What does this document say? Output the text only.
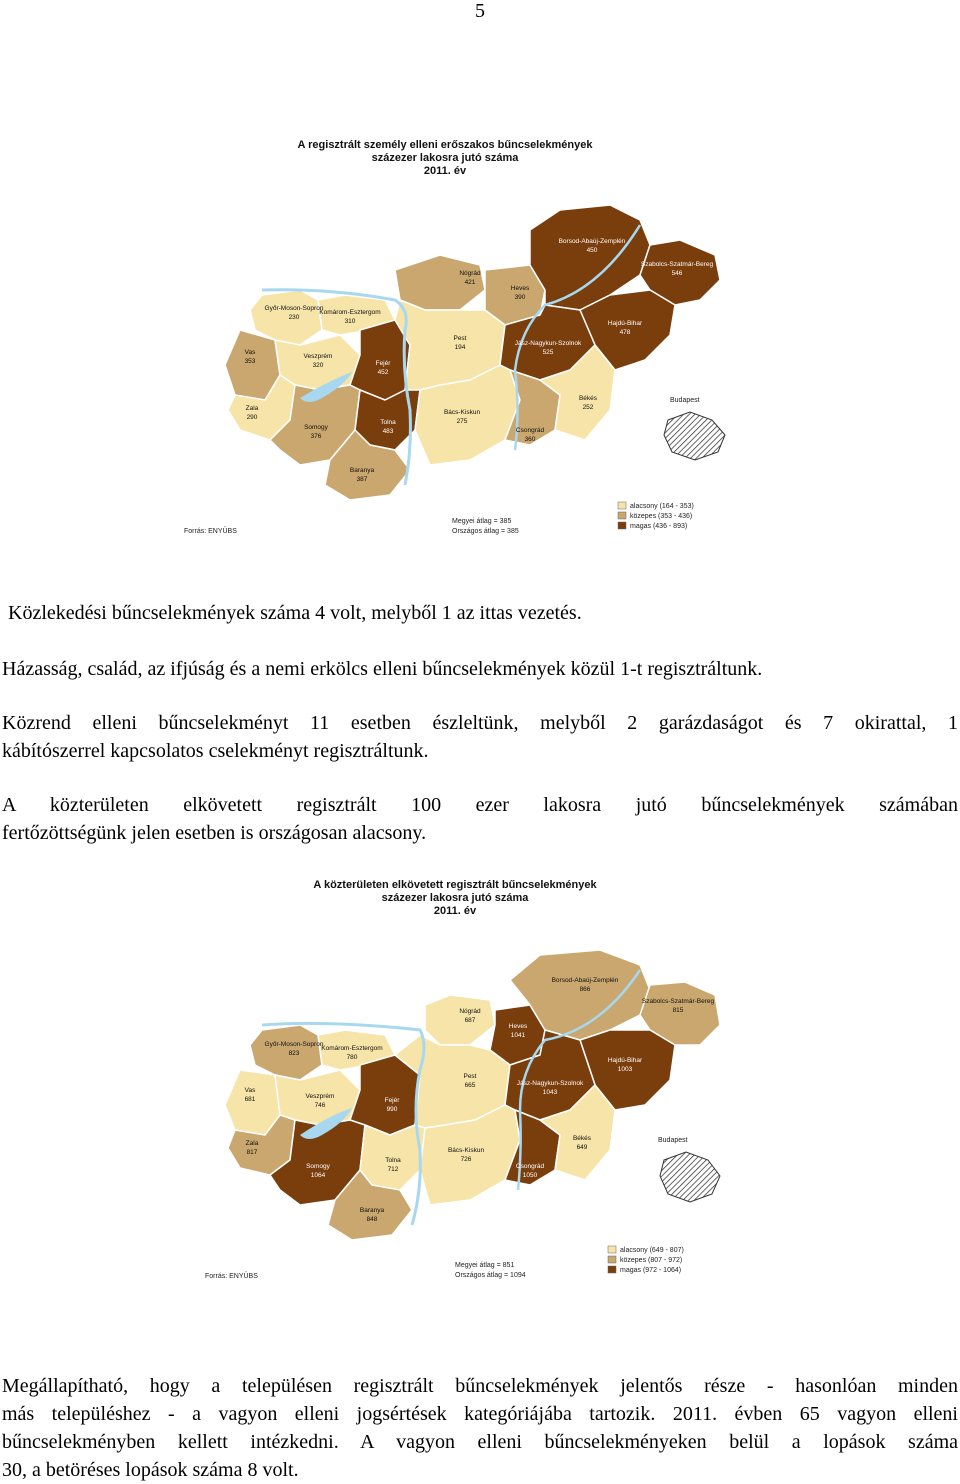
5
A regisztrált személy elleni erőszakos bűncselekmények
százezer lakosra jutó száma
2011. év
Győr-Moson-Sopron 230
Komárom-Esztergom 310
Nógrád 421
Heves 390
Borsod-Abaúj-Zemplén 450
Szabolcs-Szatmár-Bereg 546
Hajdú-Bihar 478
Vas 353
Veszprém 320	Fejér 452
Pest 194
Jász-Nagykun-Szolnok 525
Zala 290
Somogy 376
Tolna 483
Bács-Kiskun 275
Csongrád 360
Békés 252
Baranya 387
Budapest
alacsony (164 - 353)
közepes (353 - 436)
magas (436 - 893)
Megyei átlag = 385
Országos átlag = 385
Forrás: ENYÜBS

Közlekedési bűncselekmények száma 4 volt, melyből 1 az ittas vezetés.

Házasság, család, az ifjúság és a nemi erkölcs elleni bűncselekmények közül 1-t regisztráltunk.

Közrend elleni bűncselekményt 11 esetben észleltünk, melyből 2 garázdaságot és 7 okirattal, 1

kábítószerrel kapcsolatos cselekményt regisztráltunk.

A közterületen elkövetett regisztrált 100 ezer lakosra jutó bűncselekmények számában

fertőzöttségünk jelen esetben is országosan alacsony.

A közterületen elkövetett regisztrált bűncselekmények
százezer lakosra jutó száma
2011. év
Győr-Moson-Sopron 823
Komárom-Esztergom 780
Nógrád 687
Heves 1041
Borsod-Abaúj-Zemplén 866
Szabolcs-Szatmár-Bereg 815
Hajdú-Bihar 1003
Vas 681	Veszprém 746
Fejér 990
Pest 665	Jász-Nagykun-Szolnok 1043
Zala 817
Somogy 1064
Tolna 712
Bács-Kiskun 726
Csongrád 1050
Békés 649
Baranya 848
Budapest
alacsony (649 - 807)
közepes (807 - 972)
magas (972 - 1064)
Megyei átlag = 851
Országos átlag = 1094
Forrás: ENYÜBS

Megállapítható, hogy a településen regisztrált bűncselekmények jelentős része - hasonlóan minden

más településhez - a vagyon elleni jogsértések kategóriájába tartozik. 2011. évben 65 vagyon elleni

bűncselekményben kellett intézkedni. A vagyon elleni bűncselekményeken belül a lopások száma

30, a betöréses lopások száma 8 volt.
